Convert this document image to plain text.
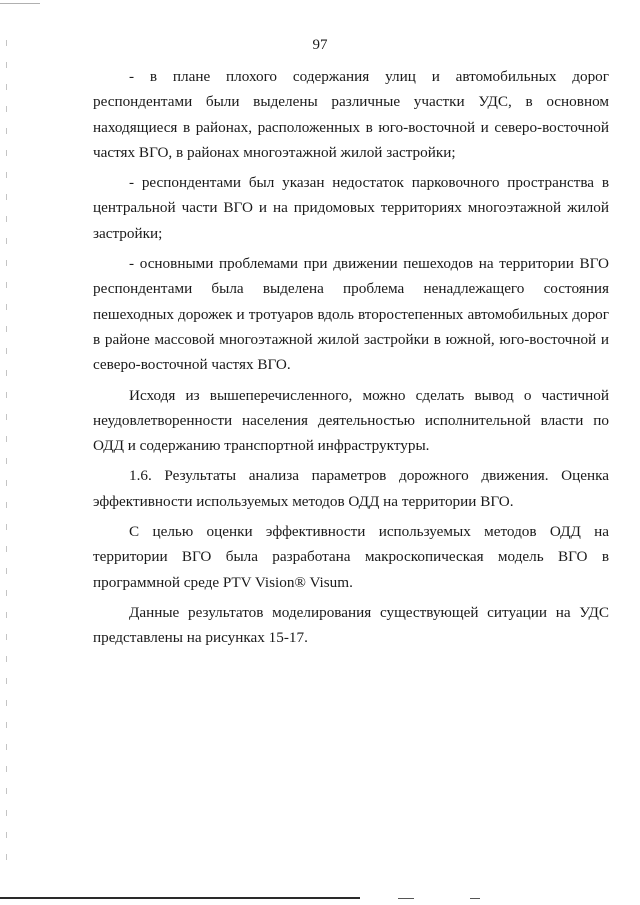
97

- в плане плохого содержания улиц и автомобильных дорог респондентами были выделены различные участки УДС, в основном находящиеся в районах, расположенных в юго-восточной и северо-восточной частях ВГО, в районах многоэтажной жилой застройки;

- респондентами был указан недостаток парковочного пространства в центральной части ВГО и на придомовых территориях многоэтажной жилой застройки;

- основными проблемами при движении пешеходов на территории ВГО респондентами была выделена проблема ненадлежащего состояния пешеходных дорожек и тротуаров вдоль второстепенных автомобильных дорог в районе массовой многоэтажной жилой застройки в южной, юго-восточной и северо-восточной частях ВГО.

Исходя из вышеперечисленного, можно сделать вывод о частичной неудовлетворенности населения деятельностью исполнительной власти по ОДД и содержанию транспортной инфраструктуры.

1.6. Результаты анализа параметров дорожного движения. Оценка эффективности используемых методов ОДД на территории ВГО.

С целью оценки эффективности используемых методов ОДД на территории ВГО была разработана макроскопическая модель ВГО в программной среде PTV Vision® Visum.

Данные результатов моделирования существующей ситуации на УДС представлены на рисунках 15-17.
